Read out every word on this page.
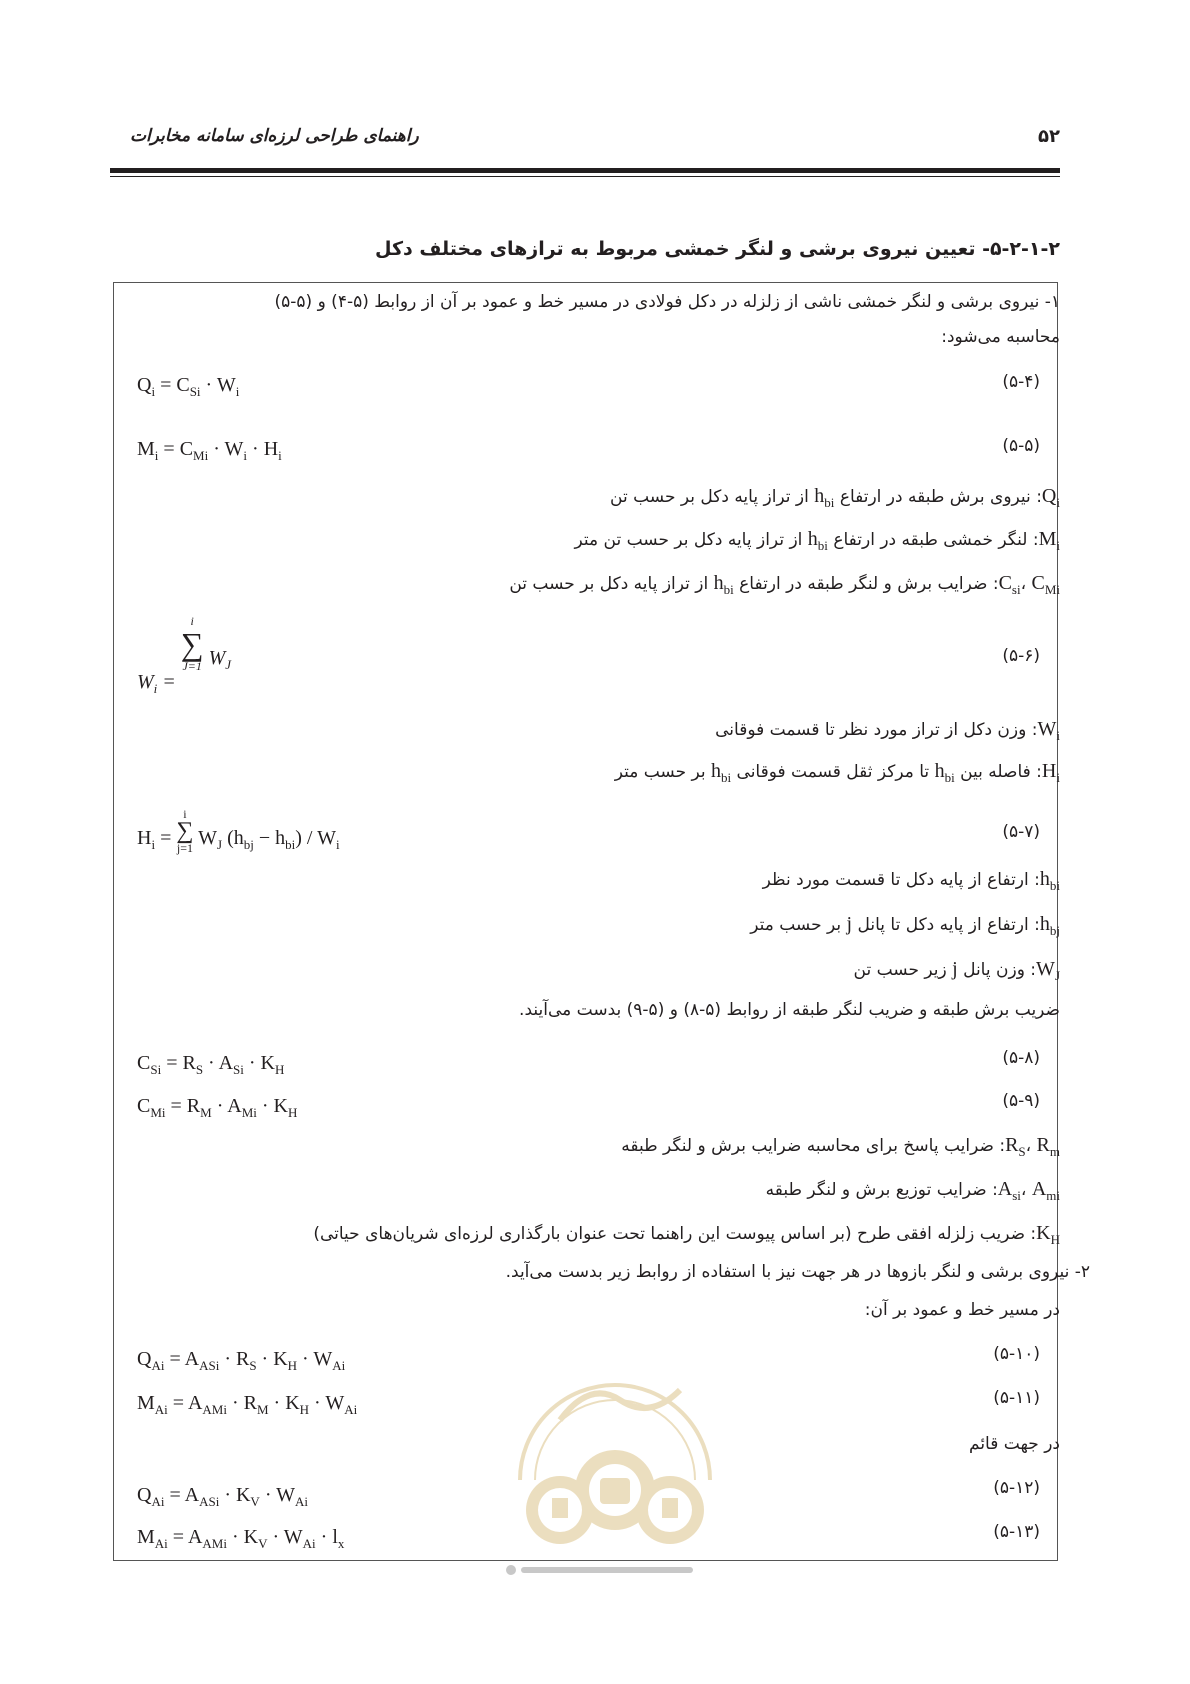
۵۲
راهنمای طراحی لرزه‌ای سامانه مخابرات
۵-۲-۱-۲- تعیین نیروی برشی و لنگر خمشی مربوط به ترازهای مختلف دکل
۱- نیروی برشی و لنگر خمشی ناشی از زلزله در دکل فولادی در مسیر خط و عمود بر آن از روابط (۵-۴) و (۵-۵)
محاسبه می‌شود:
$Q_i = C_{Si} \cdot W_i$	(۵-۴)
$M_i = C_{Mi} \cdot W_i \cdot H_i$	(۵-۵)
$Q_i$: نیروی برش طبقه در ارتفاع $h_{bi}$ از تراز پایه دکل بر حسب تن
$M_i$: لنگر خمشی طبقه در ارتفاع $h_{bi}$ از تراز پایه دکل بر حسب تن متر
$C_{si}،$ $C_{Mi}$: ضرایب برش و لنگر طبقه در ارتفاع $h_{bi}$ از تراز پایه دکل بر حسب تن
$W_i$ =
i
∑
J=1 $W_J$	(۵-۶)
$W_i$: وزن دکل از تراز مورد نظر تا قسمت فوقانی
$H_i$: فاصله بین $h_{bi}$ تا مرکز ثقل قسمت فوقانی $h_{bi}$ بر حسب متر
$H_i$ =
i
∑
j=1 $W_J$ $(h_{bj} - h_{bi}) / W_i$
(۵-۷)
$h_{bi}$: ارتفاع از پایه دکل تا قسمت مورد نظر
$h_{bj}$: ارتفاع از پایه دکل تا پانل j بر حسب متر
$W_J$: وزن پانل j زیر حسب تن
ضریب برش طبقه و ضریب لنگر طبقه از روابط (۵-۸) و (۵-۹) بدست می‌آیند.
$C_{Si} = R_S \cdot A_{Si} \cdot K_H$
(۵-۸)
$C_{Mi} = R_M \cdot A_{Mi} \cdot K_H$
(۵-۹)
$R_S،$ $R_m$: ضرایب پاسخ برای محاسبه ضرایب برش و لنگر طبقه
$A_{si}،$ $A_{mi}$: ضرایب توزیع برش و لنگر طبقه
$K_H$: ضریب زلزله افقی طرح (بر اساس پیوست این راهنما تحت عنوان بارگذاری لرزه‌ای شریان‌های حیاتی)
۲- نیروی برشی و لنگر بازوها در هر جهت نیز با استفاده از روابط زیر بدست می‌آید.
در مسیر خط و عمود بر آن:
$Q_{Ai} = A_{ASi} \cdot R_S \cdot K_H \cdot W_{Ai}$
(۵-۱۰)
$M_{Ai} = A_{AMi} \cdot R_M \cdot K_H \cdot W_{Ai}$
(۵-۱۱)
در جهت قائم
$Q_{Ai} = A_{ASi} \cdot K_V \cdot W_{Ai}$
(۵-۱۲)
$M_{Ai} = A_{AMi} \cdot K_V \cdot W_{Ai} \cdot l_x$
(۵-۱۳)
